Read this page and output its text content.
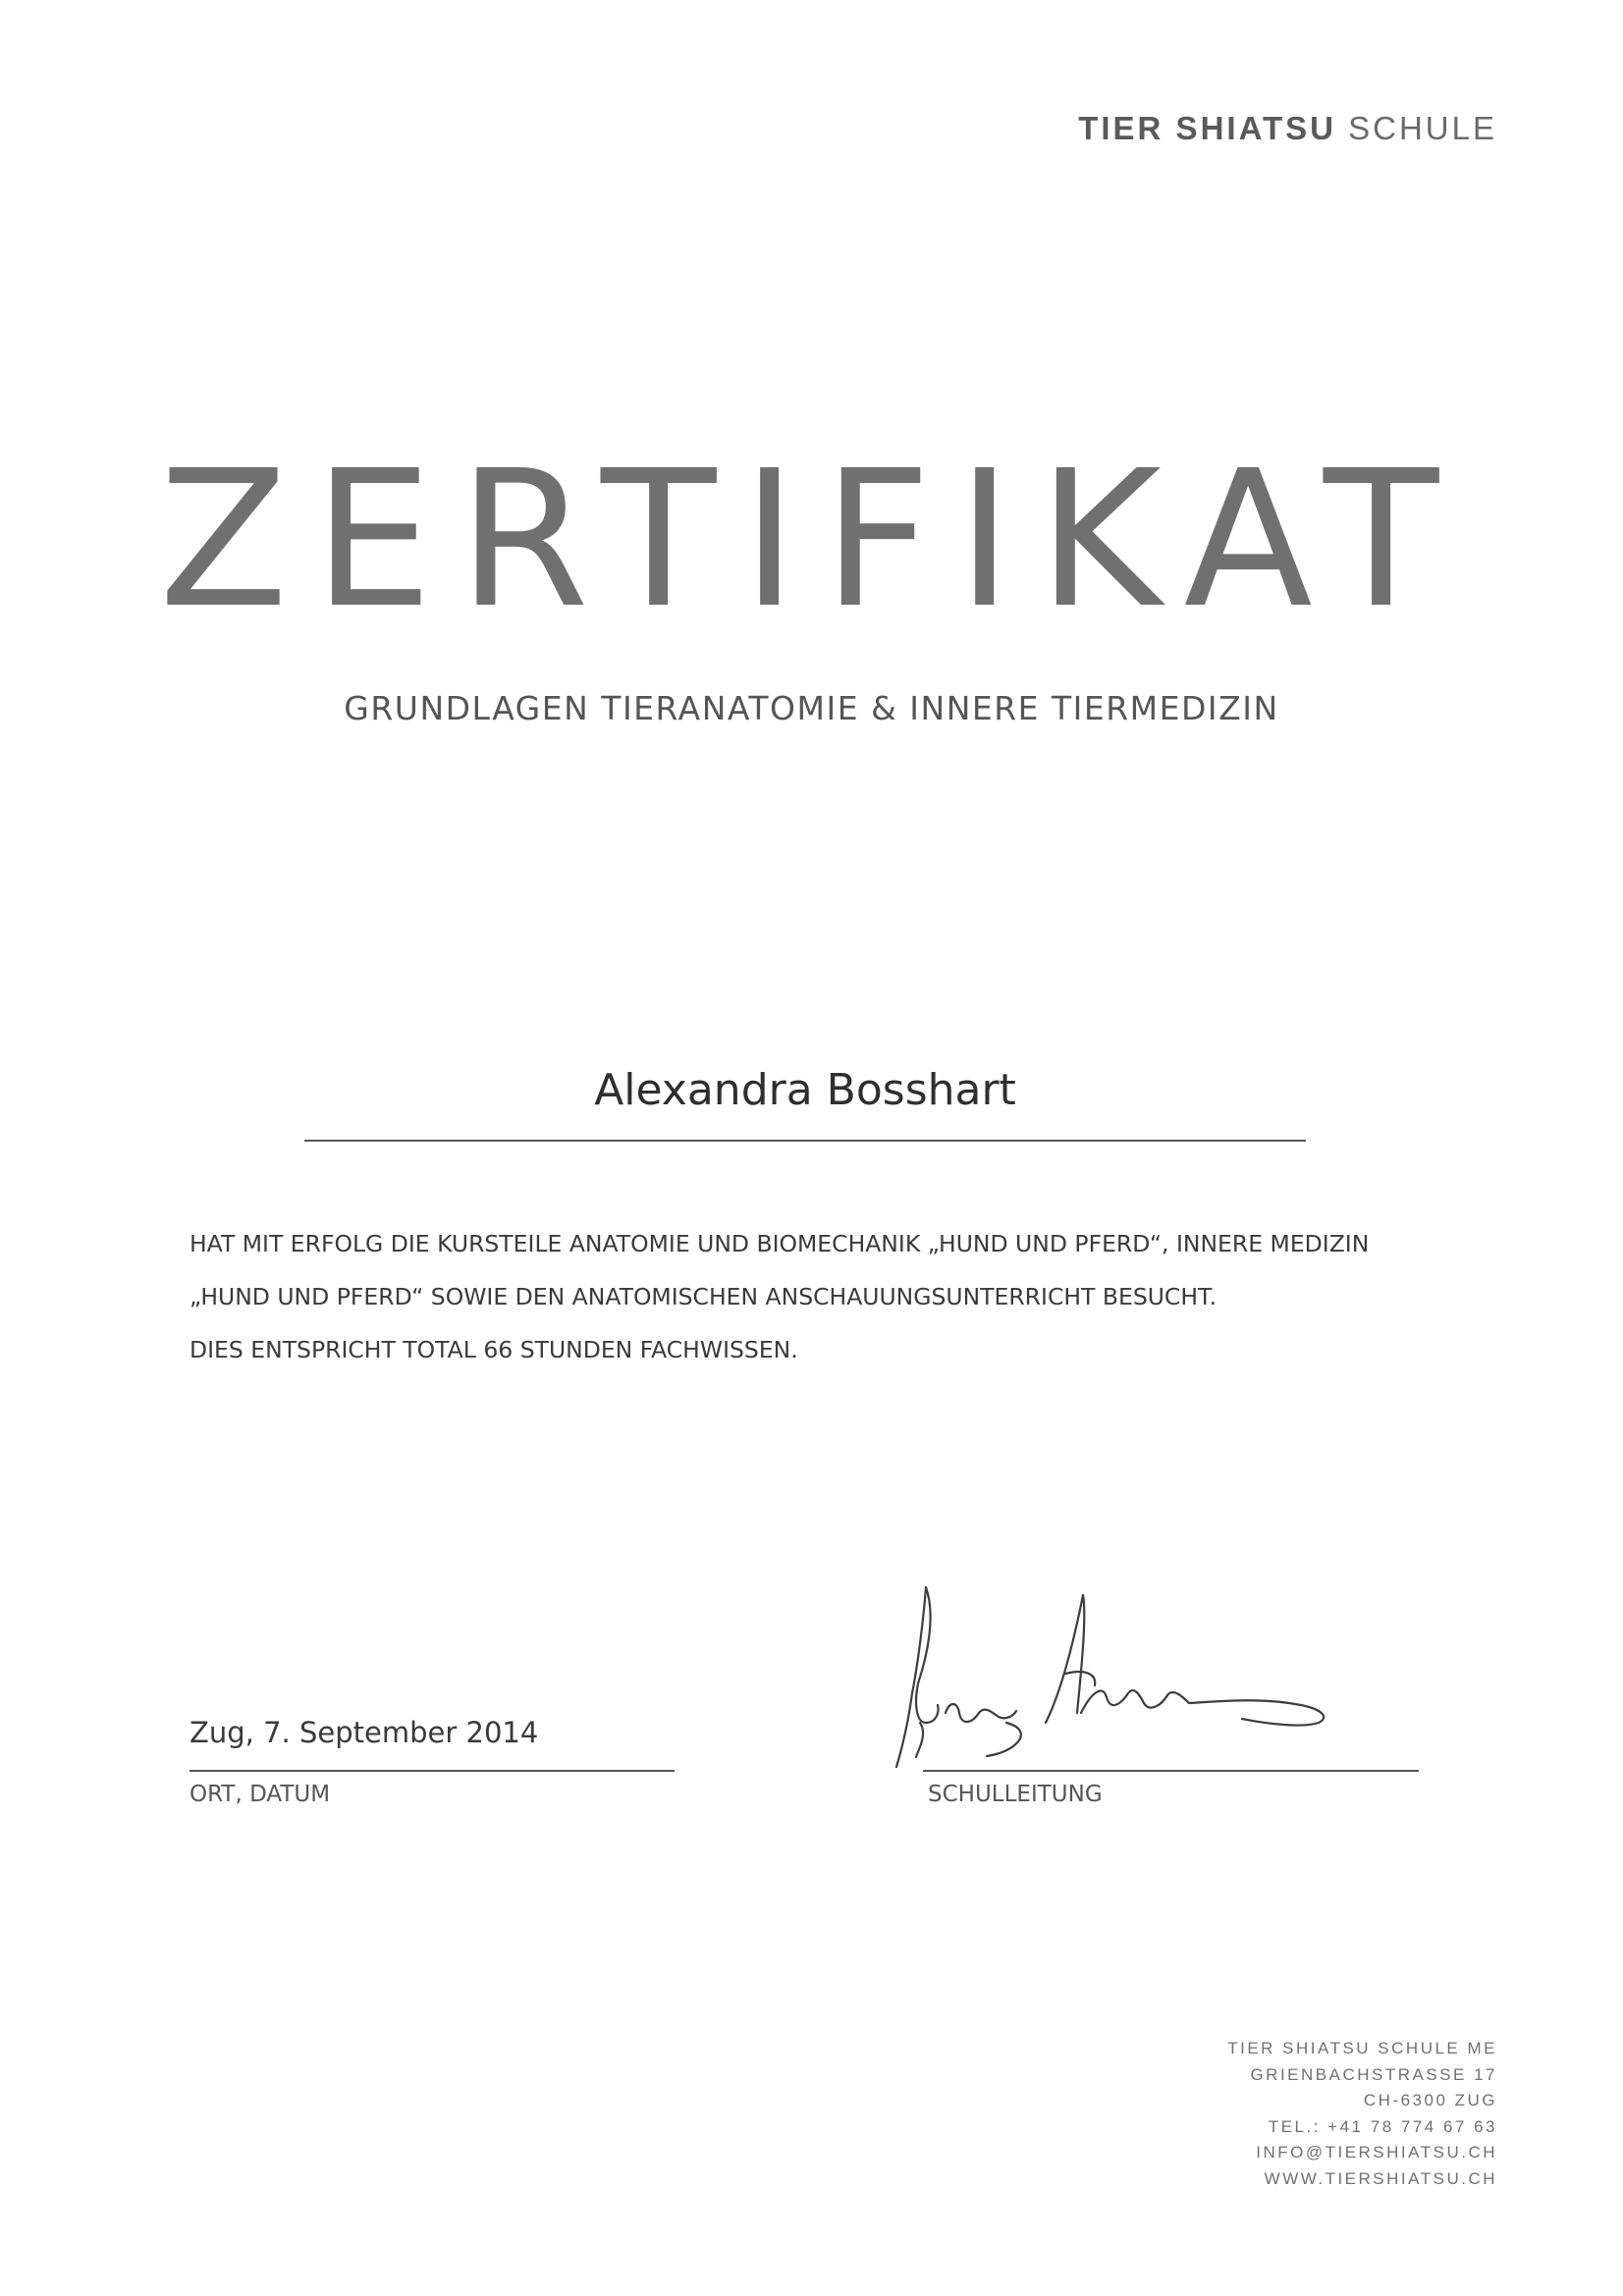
TIER SHIATSU SCHULE
ZERTIFIKAT
GRUNDLAGEN TIERANATOMIE & INNERE TIERMEDIZIN
Alexandra Bosshart
HAT MIT ERFOLG DIE KURSTEILE ANATOMIE UND BIOMECHANIK „HUND UND PFERD“, INNERE MEDIZIN
„HUND UND PFERD“ SOWIE DEN ANATOMISCHEN ANSCHAUUNGSUNTERRICHT BESUCHT.
DIES ENTSPRICHT TOTAL 66 STUNDEN FACHWISSEN.
Zug, 7. September 2014
ORT, DATUM	SCHULLEITUNG
TIER SHIATSU SCHULE ME
GRIENBACHSTRASSE 17
CH-6300 ZUG
TEL.: +41 78 774 67 63
INFO@TIERSHIATSU.CH
WWW.TIERSHIATSU.CH
